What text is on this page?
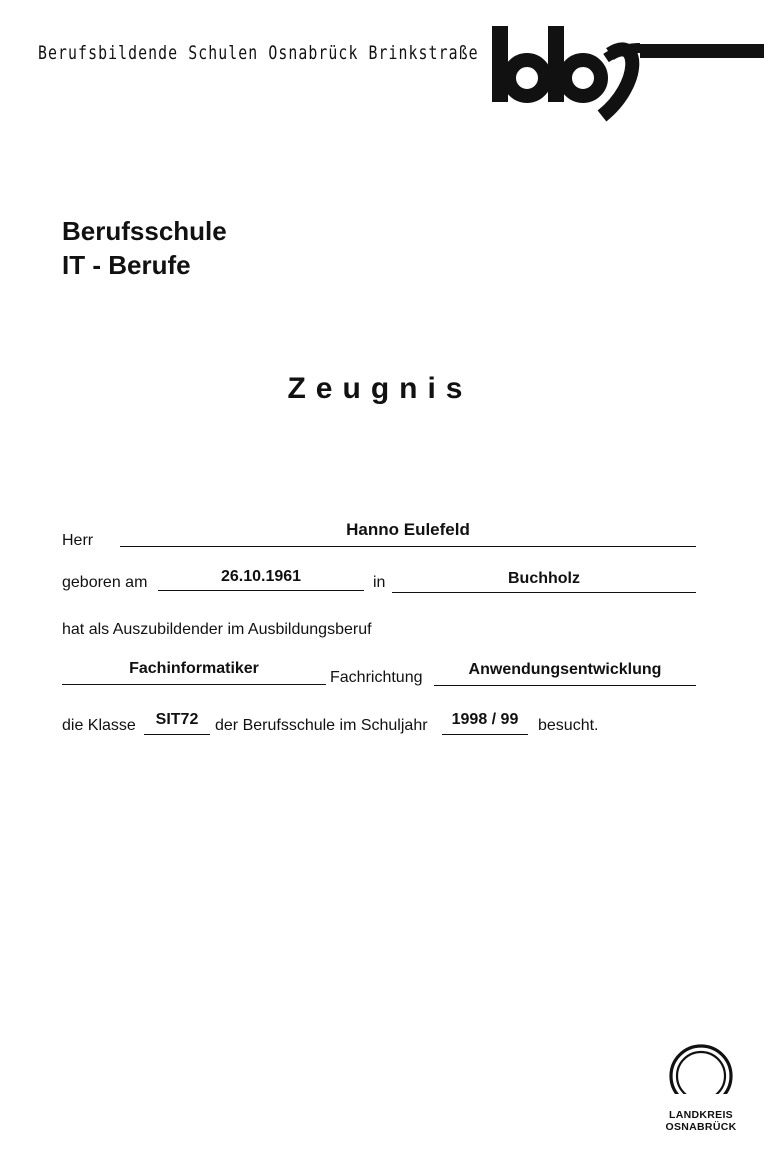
Berufsbildende Schulen Osnabrück Brinkstraße
Berufsschule
IT - Berufe
Zeugnis
Herr
Hanno Eulefeld
geboren am	26.10.1961	in	Buchholz
hat als Auszubildender im Ausbildungsberuf
Fachinformatiker
Fachrichtung	Anwendungsentwicklung
die Klasse	SIT72	der Berufsschule im Schuljahr	1998 / 99	besucht.
LANDKREIS
OSNABRÜCK
